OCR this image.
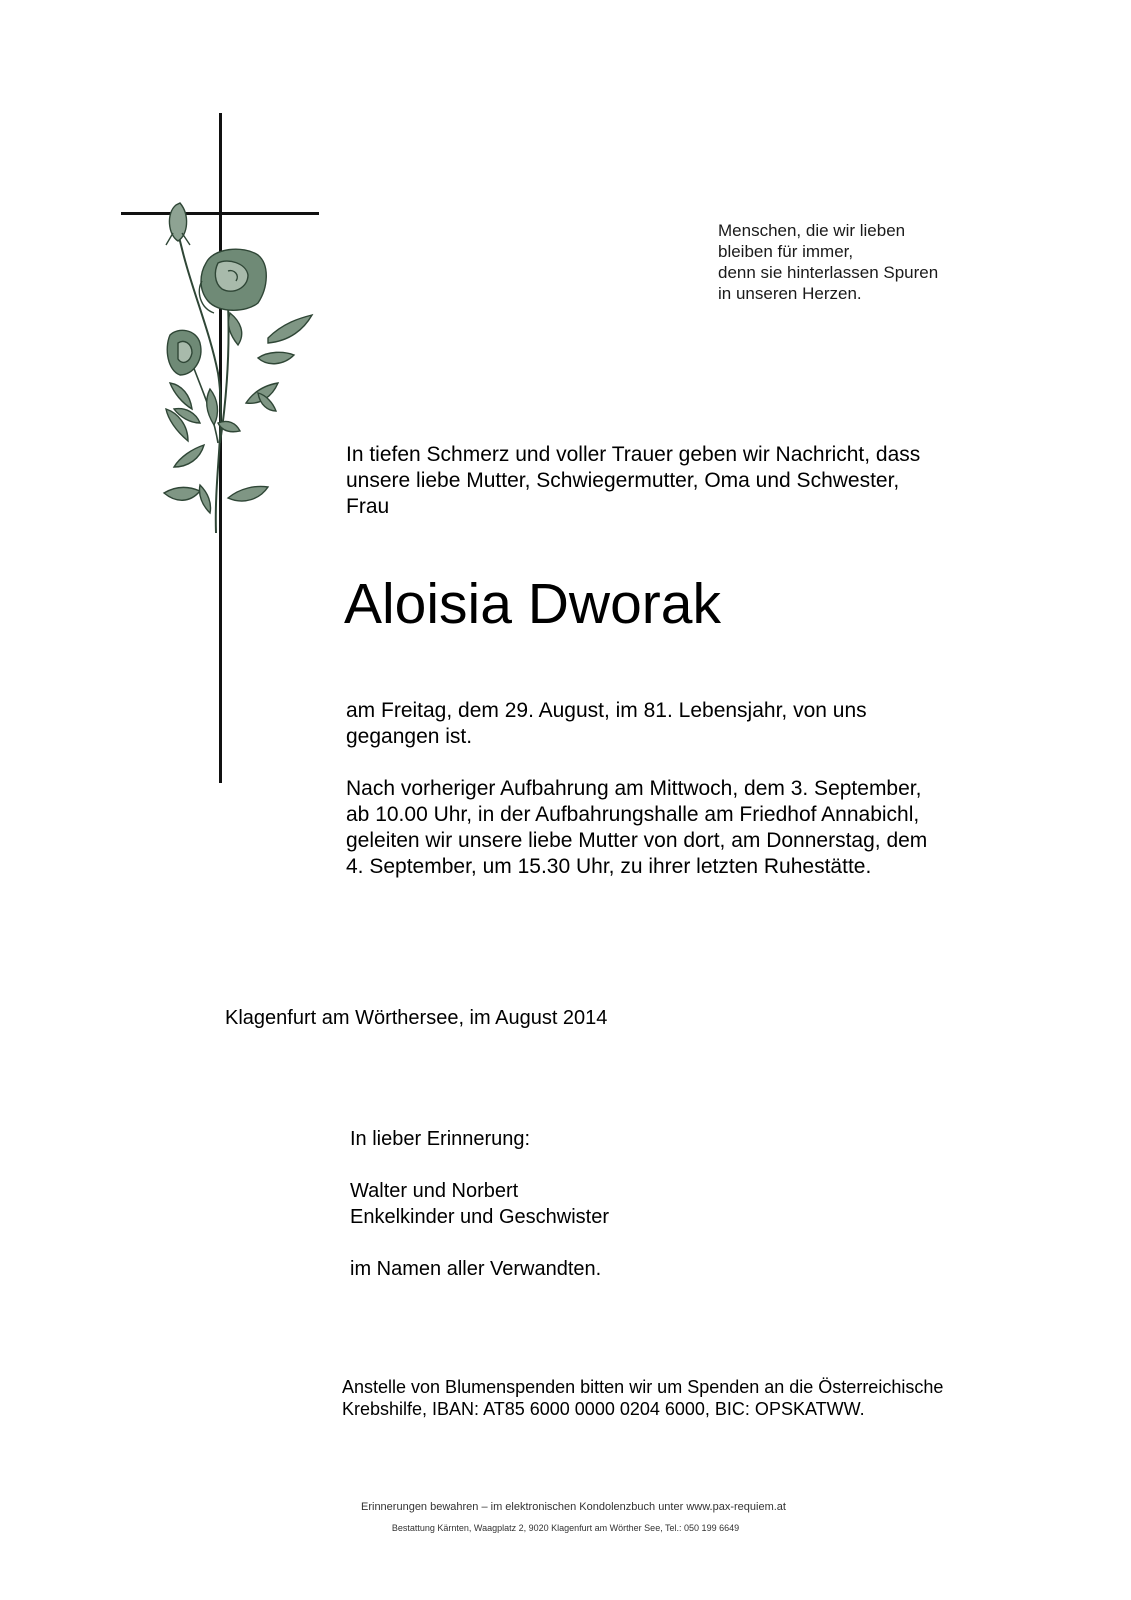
Menschen, die wir lieben
bleiben für immer,
denn sie hinterlassen Spuren
in unseren Herzen.
In tiefen Schmerz und voller Trauer geben wir Nachricht, dass
unsere liebe Mutter, Schwiegermutter, Oma und Schwester,
Frau
Aloisia Dworak
am Freitag, dem 29. August, im 81. Lebensjahr, von uns
gegangen ist.
Nach vorheriger Aufbahrung am Mittwoch, dem 3. September,
ab 10.00 Uhr, in der Aufbahrungshalle am Friedhof Annabichl,
geleiten wir unsere liebe Mutter von dort, am Donnerstag, dem
4. September, um 15.30 Uhr, zu ihrer letzten Ruhestätte.
Klagenfurt am Wörthersee, im August 2014
In lieber Erinnerung:
Walter und Norbert
Enkelkinder und Geschwister
im Namen aller Verwandten.
Anstelle von Blumenspenden bitten wir um Spenden an die Österreichische
Krebshilfe, IBAN: AT85 6000 0000 0204 6000, BIC: OPSKATWW.
Erinnerungen bewahren – im elektronischen Kondolenzbuch unter www.pax-requiem.at
Bestattung Kärnten, Waagplatz 2, 9020 Klagenfurt am Wörther See, Tel.: 050 199 6649
